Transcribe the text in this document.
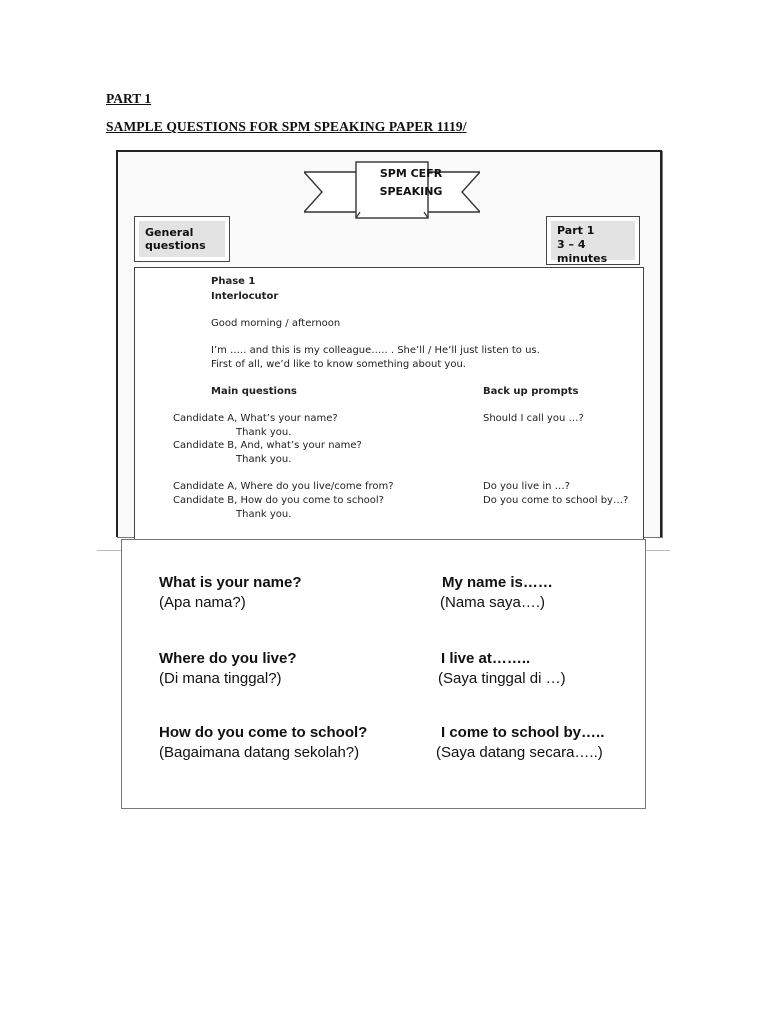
PART 1
SAMPLE QUESTIONS FOR SPM SPEAKING PAPER 1119/
SPM CEFR
SPEAKING
General questions
Part 1
3 – 4 minutes
Phase 1
Interlocutor
Good morning / afternoon
I’m ….. and this is my colleague….. . She’ll / He’ll just listen to us.
First of all, we’d like to know something about you.
Main questions	Back up prompts
Candidate A, What’s your name?
Thank you.
Candidate B, And, what’s your name?
Thank you.
Candidate A, Where do you live/come from?
Candidate B, How do you come to school?
Thank you.
Should I call you …?
Do you live in …?
Do you come to school by…?
What is your name?
(Apa nama?)
My name is……
(Nama saya….)
Where do you live?
(Di mana tinggal?)
I live at……..
(Saya tinggal di …)
How do you come to school?
(Bagaimana datang sekolah?)
I come to school by…..
(Saya datang secara…..)
